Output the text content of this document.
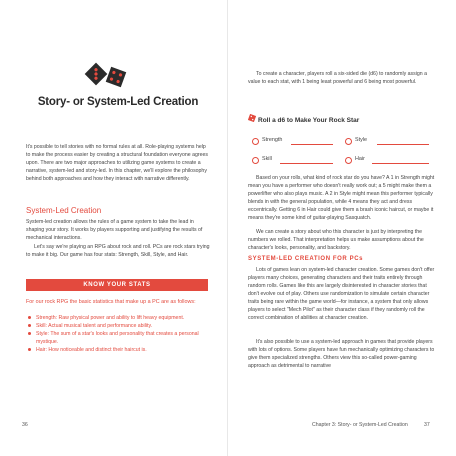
Story- or System-Led Creation
It's possible to tell stories with no formal rules at all. Role-playing systems help to make the process easier by creating a structural foundation everyone agrees upon. There are two major approaches to utilizing game systems to create a narrative, system-led and story-led. In this chapter, we'll explore the philosophy behind both approaches and how they interact with narrative differently.
System-Led Creation
System-led creation allows the rules of a game system to take the lead in shaping your story. It works by players supporting and justifying the results of mechanical interactions.
Let's say we're playing an RPG about rock and roll. PCs are rock stars trying to make it big. Our game has four stats: Strength, Skill, Style, and Hair.
KNOW YOUR STATS
For our rock RPG the basic statistics that make up a PC are as follows:
Strength: Raw physical power and ability to lift heavy equipment.
Skill: Actual musical talent and performance ability.
Style: The sum of a star's looks and personality that creates a personal mystique.
Hair: How noticeable and distinct their haircut is.
36
To create a character, players roll a six-sided die (d6) to randomly assign a value to each stat, with 1 being least powerful and 6 being most powerful.
Roll a d6 to Make Your Rock Star
Strength	Style
Skill	Hair
Based on your rolls, what kind of rock star do you have? A 1 in Strength might mean you have a performer who doesn't really work out; a 5 might make them a powerlifter who also plays music. A 2 in Style might mean this performer typically blends in with the general population, while 4 means they act and dress eccentrically. Getting 6 in Hair could give them a brash iconic haircut, or maybe it means they're some kind of guitar-playing Sasquatch.
We can create a story about who this character is just by interpreting the numbers we rolled. That interpretation helps us make assumptions about the character's looks, personality, and backstory.
SYSTEM-LED CREATION FOR PCs
Lots of games lean on system-led character creation. Some games don't offer players many choices, generating characters and their traits entirely through random rolls. Games like this are largely disinterested in character stories that don't evolve out of play. Others use randomization to simulate certain character traits being rare within the game world—for instance, a system that only allows players to select "Mech Pilot" as their character class if they randomly roll the correct combination of abilities at character creation.
It's also possible to use a system-led approach in games that provide players with lots of options. Some players have fun mechanically optimizing characters to give them specialized strengths. Others view this so-called power-gaming approach as detrimental to narrative
Chapter 3: Story- or System-Led Creation	37
